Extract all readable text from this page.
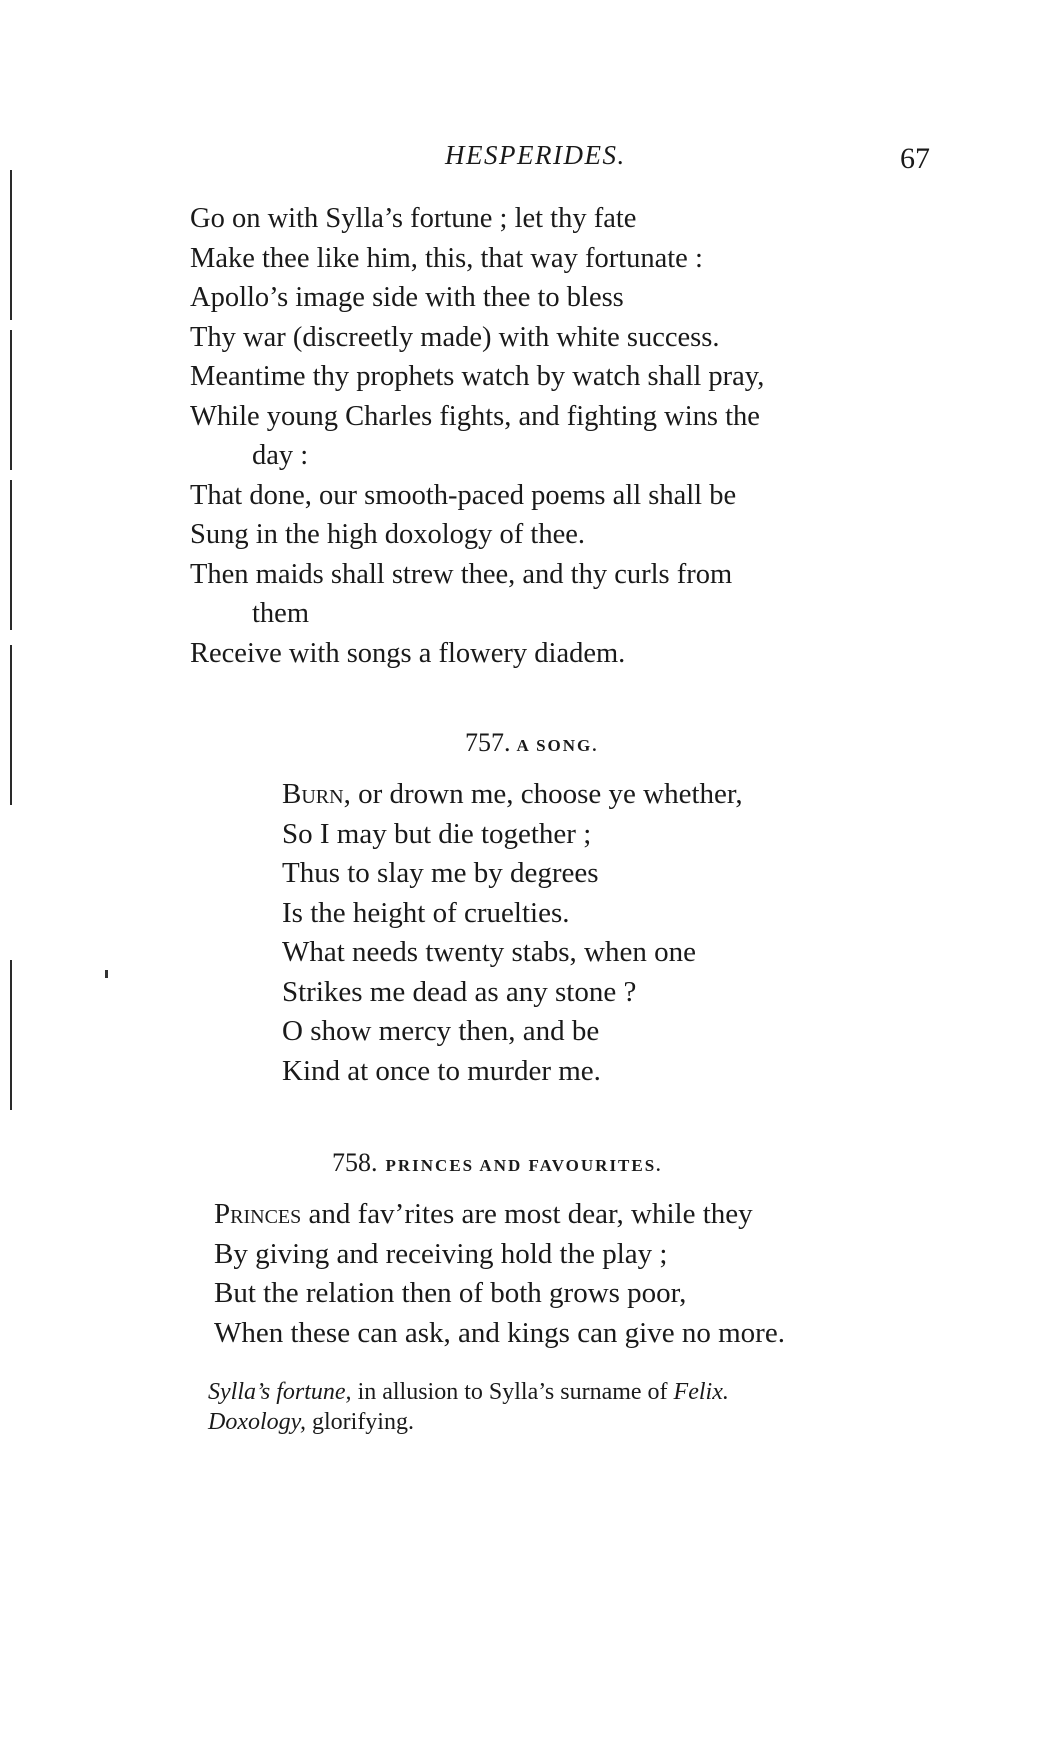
HESPERIDES.	67
Go on with Sylla’s fortune ; let thy fate
Make thee like him, this, that way fortunate :
Apollo’s image side with thee to bless
Thy war (discreetly made) with white success.
Meantime thy prophets watch by watch shall pray,
While young Charles fights, and fighting wins the
day :
That done, our smooth-paced poems all shall be
Sung in the high doxology of thee.
Then maids shall strew thee, and thy curls from
them
Receive with songs a flowery diadem.
757. A SONG.
Burn, or drown me, choose ye whether,
So I may but die together ;
Thus to slay me by degrees
Is the height of cruelties.
What needs twenty stabs, when one
Strikes me dead as any stone ?
O show mercy then, and be
Kind at once to murder me.
758. PRINCES AND FAVOURITES.
Princes and fav’rites are most dear, while they
By giving and receiving hold the play ;
But the relation then of both grows poor,
When these can ask, and kings can give no more.
Sylla’s fortune, in allusion to Sylla’s surname of Felix.
Doxology, glorifying.
